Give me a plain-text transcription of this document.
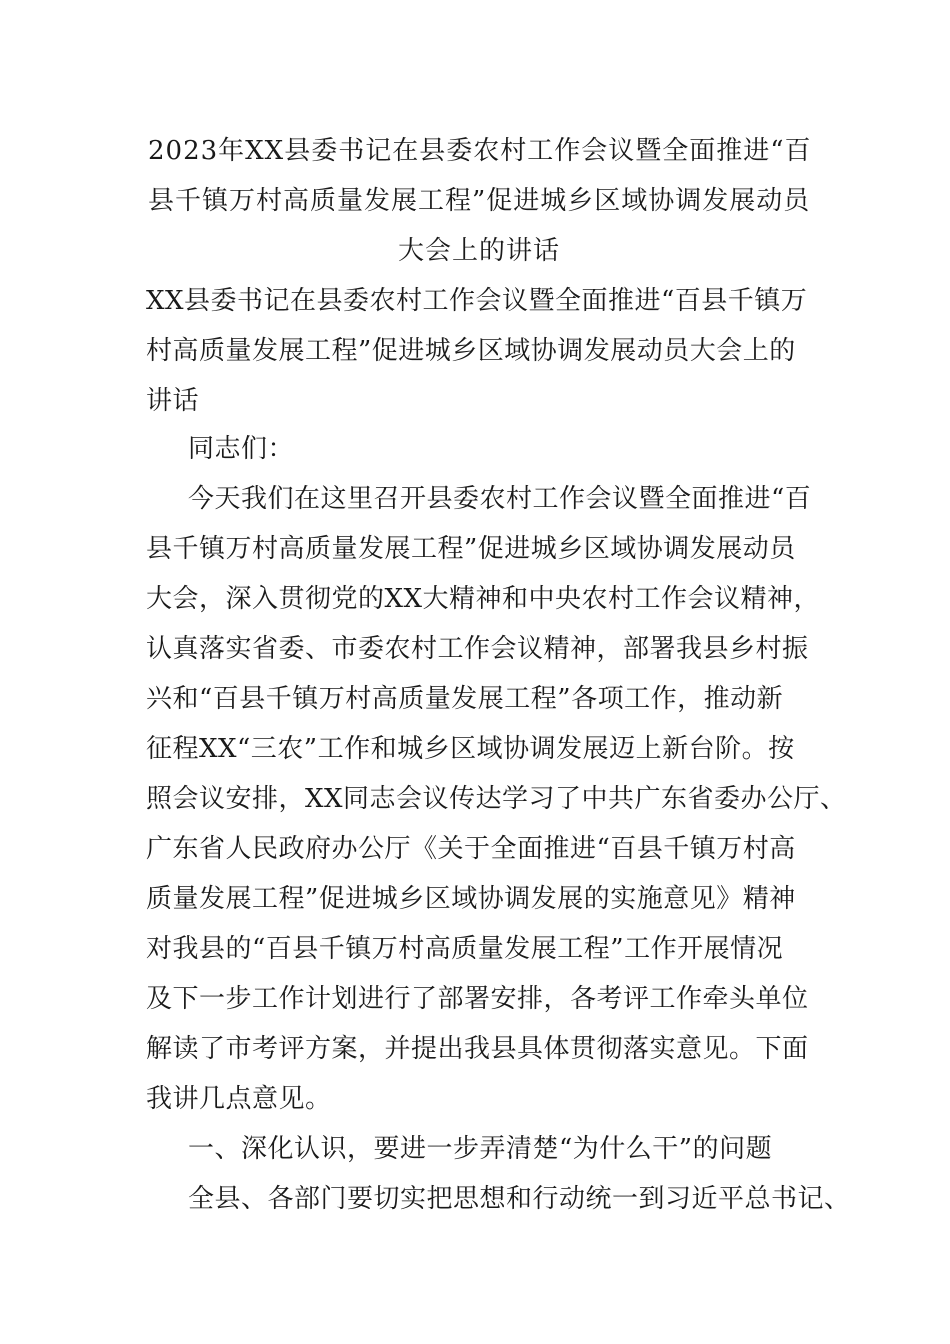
2023年XX县委书记在县委农村工作会议暨全面推进“百
县千镇万村高质量发展工程”促进城乡区域协调发展动员
大会上的讲话
XX县委书记在县委农村工作会议暨全面推进“百县千镇万
村高质量发展工程”促进城乡区域协调发展动员大会上的
讲话
同志们：
今天我们在这里召开县委农村工作会议暨全面推进“百
县千镇万村高质量发展工程”促进城乡区域协调发展动员
大会，深入贯彻党的XX大精神和中央农村工作会议精神，
认真落实省委、市委农村工作会议精神，部署我县乡村振
兴和“百县千镇万村高质量发展工程”各项工作，推动新
征程XX“三农”工作和城乡区域协调发展迈上新台阶。按
照会议安排，XX同志会议传达学习了中共广东省委办公厅、
广东省人民政府办公厅《关于全面推进“百县千镇万村高
质量发展工程”促进城乡区域协调发展的实施意见》精神
对我县的“百县千镇万村高质量发展工程”工作开展情况
及下一步工作计划进行了部署安排，各考评工作牵头单位
解读了市考评方案，并提出我县具体贯彻落实意见。下面
我讲几点意见。
一、深化认识，要进一步弄清楚“为什么干”的问题
全县、各部门要切实把思想和行动统一到习近平总书记、
